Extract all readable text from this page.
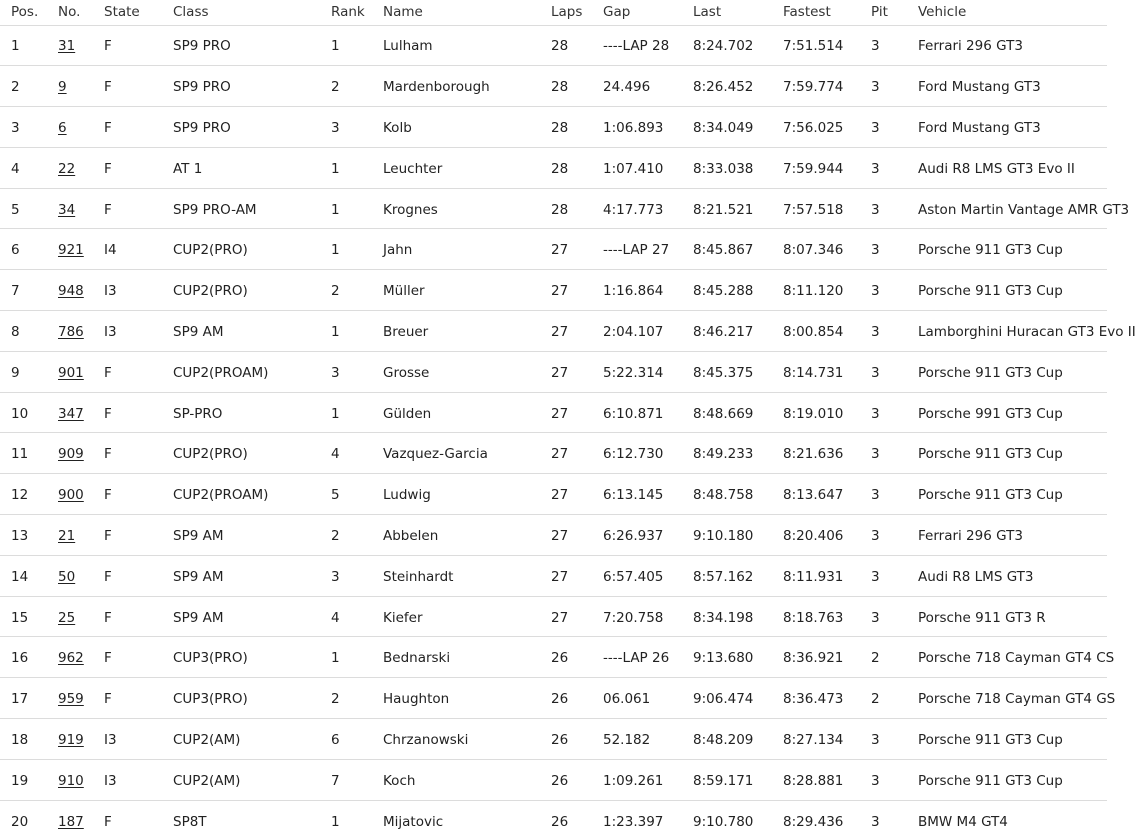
Pos.	No.	State	Class	Rank	Name	Laps	Gap	Last	Fastest	Pit	Vehicle
1	31	F	SP9 PRO	1	Lulham	28	----LAP 28	8:24.702	7:51.514	3	Ferrari 296 GT3
2	9	F	SP9 PRO	2	Mardenborough	28	24.496	8:26.452	7:59.774	3	Ford Mustang GT3
3	6	F	SP9 PRO	3	Kolb	28	1:06.893	8:34.049	7:56.025	3	Ford Mustang GT3
4	22	F	AT 1	1	Leuchter	28	1:07.410	8:33.038	7:59.944	3	Audi R8 LMS GT3 Evo II
5	34	F	SP9 PRO-AM	1	Krognes	28	4:17.773	8:21.521	7:57.518	3	Aston Martin Vantage AMR GT3
6	921	I4	CUP2(PRO)	1	Jahn	27	----LAP 27	8:45.867	8:07.346	3	Porsche 911 GT3 Cup
7	948	I3	CUP2(PRO)	2	Müller	27	1:16.864	8:45.288	8:11.120	3	Porsche 911 GT3 Cup
8	786	I3	SP9 AM	1	Breuer	27	2:04.107	8:46.217	8:00.854	3	Lamborghini Huracan GT3 Evo II
9	901	F	CUP2(PROAM)	3	Grosse	27	5:22.314	8:45.375	8:14.731	3	Porsche 911 GT3 Cup
10	347	F	SP-PRO	1	Gülden	27	6:10.871	8:48.669	8:19.010	3	Porsche 991 GT3 Cup
11	909	F	CUP2(PRO)	4	Vazquez-Garcia	27	6:12.730	8:49.233	8:21.636	3	Porsche 911 GT3 Cup
12	900	F	CUP2(PROAM)	5	Ludwig	27	6:13.145	8:48.758	8:13.647	3	Porsche 911 GT3 Cup
13	21	F	SP9 AM	2	Abbelen	27	6:26.937	9:10.180	8:20.406	3	Ferrari 296 GT3
14	50	F	SP9 AM	3	Steinhardt	27	6:57.405	8:57.162	8:11.931	3	Audi R8 LMS GT3
15	25	F	SP9 AM	4	Kiefer	27	7:20.758	8:34.198	8:18.763	3	Porsche 911 GT3 R
16	962	F	CUP3(PRO)	1	Bednarski	26	----LAP 26	9:13.680	8:36.921	2	Porsche 718 Cayman GT4 CS
17	959	F	CUP3(PRO)	2	Haughton	26	06.061	9:06.474	8:36.473	2	Porsche 718 Cayman GT4 GS
18	919	I3	CUP2(AM)	6	Chrzanowski	26	52.182	8:48.209	8:27.134	3	Porsche 911 GT3 Cup
19	910	I3	CUP2(AM)	7	Koch	26	1:09.261	8:59.171	8:28.881	3	Porsche 911 GT3 Cup
20	187	F	SP8T	1	Mijatovic	26	1:23.397	9:10.780	8:29.436	3	BMW M4 GT4
